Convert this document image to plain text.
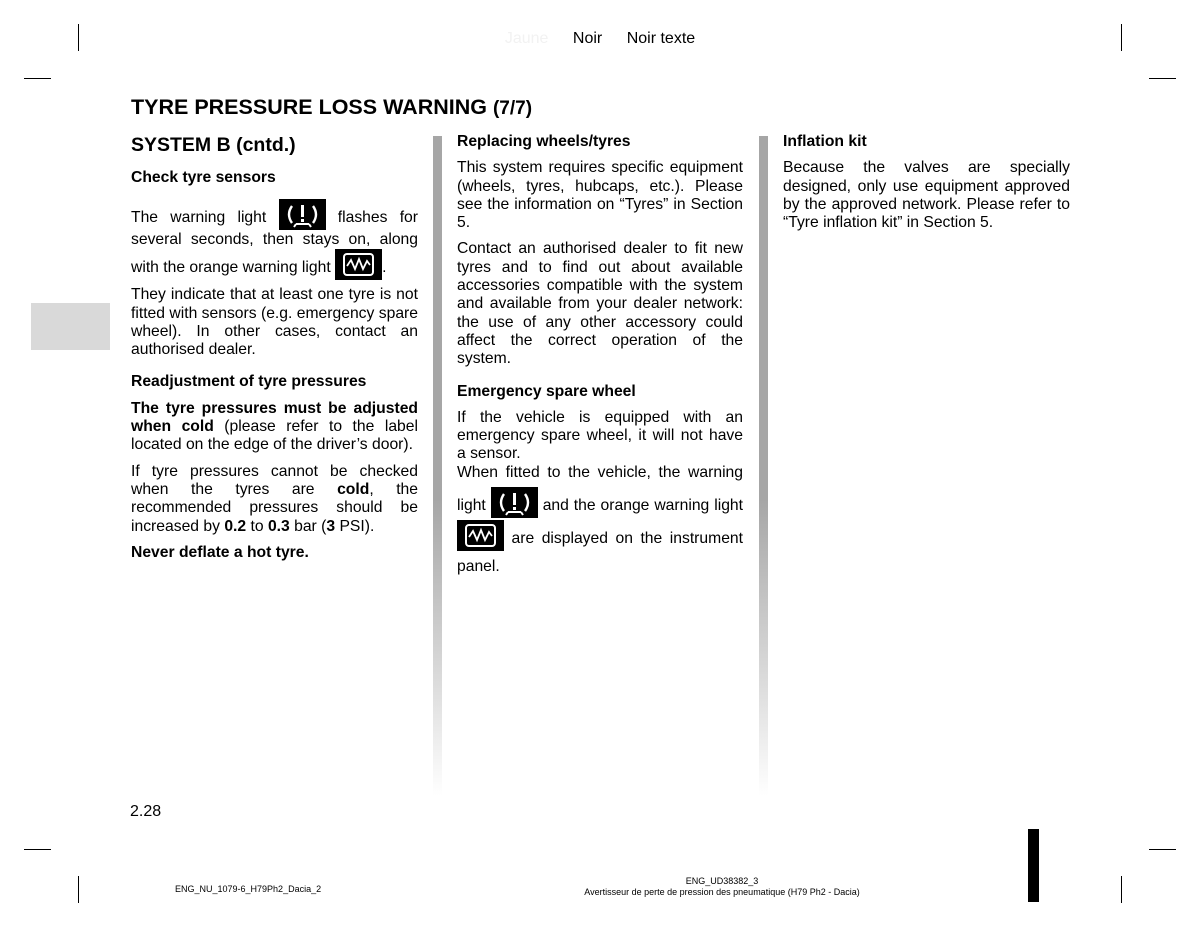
Jaune Noir Noir texte
TYRE PRESSURE LOSS WARNING (7/7)
SYSTEM B (cntd.)

Check tyre sensors

The warning light	flashes for several seconds, then stays on, along with the orange warning light	.

They indicate that at least one tyre is not fitted with sensors (e.g. emergency spare wheel). In other cases, contact an authorised dealer.

Readjustment of tyre pressures

The tyre pressures must be adjusted when cold (please refer to the label located on the edge of the driver’s door).

If tyre pressures cannot be checked when the tyres are cold, the recommended pressures should be increased by 0.2 to 0.3 bar (3 PSI).

Never deflate a hot tyre.

Replacing wheels/tyres

This system requires specific equipment (wheels, tyres, hubcaps, etc.). Please see the information on “Tyres” in Section 5.

Contact an authorised dealer to fit new tyres and to find out about available accessories compatible with the system and available from your dealer network: the use of any other accessory could affect the correct operation of the system.

Emergency spare wheel

If the vehicle is equipped with an emergency spare wheel, it will not have a sensor.

When fitted to the vehicle, the warning light	and the orange warning light
are displayed on the instrument panel.

Inflation kit

Because the valves are specially designed, only use equipment approved by the approved network. Please refer to “Tyre inflation kit” in Section 5.

2.28
ENG_NU_1079-6_H79Ph2_Dacia_2
ENG_UD38382_3
Avertisseur de perte de pression des pneumatique (H79 Ph2 - Dacia)
